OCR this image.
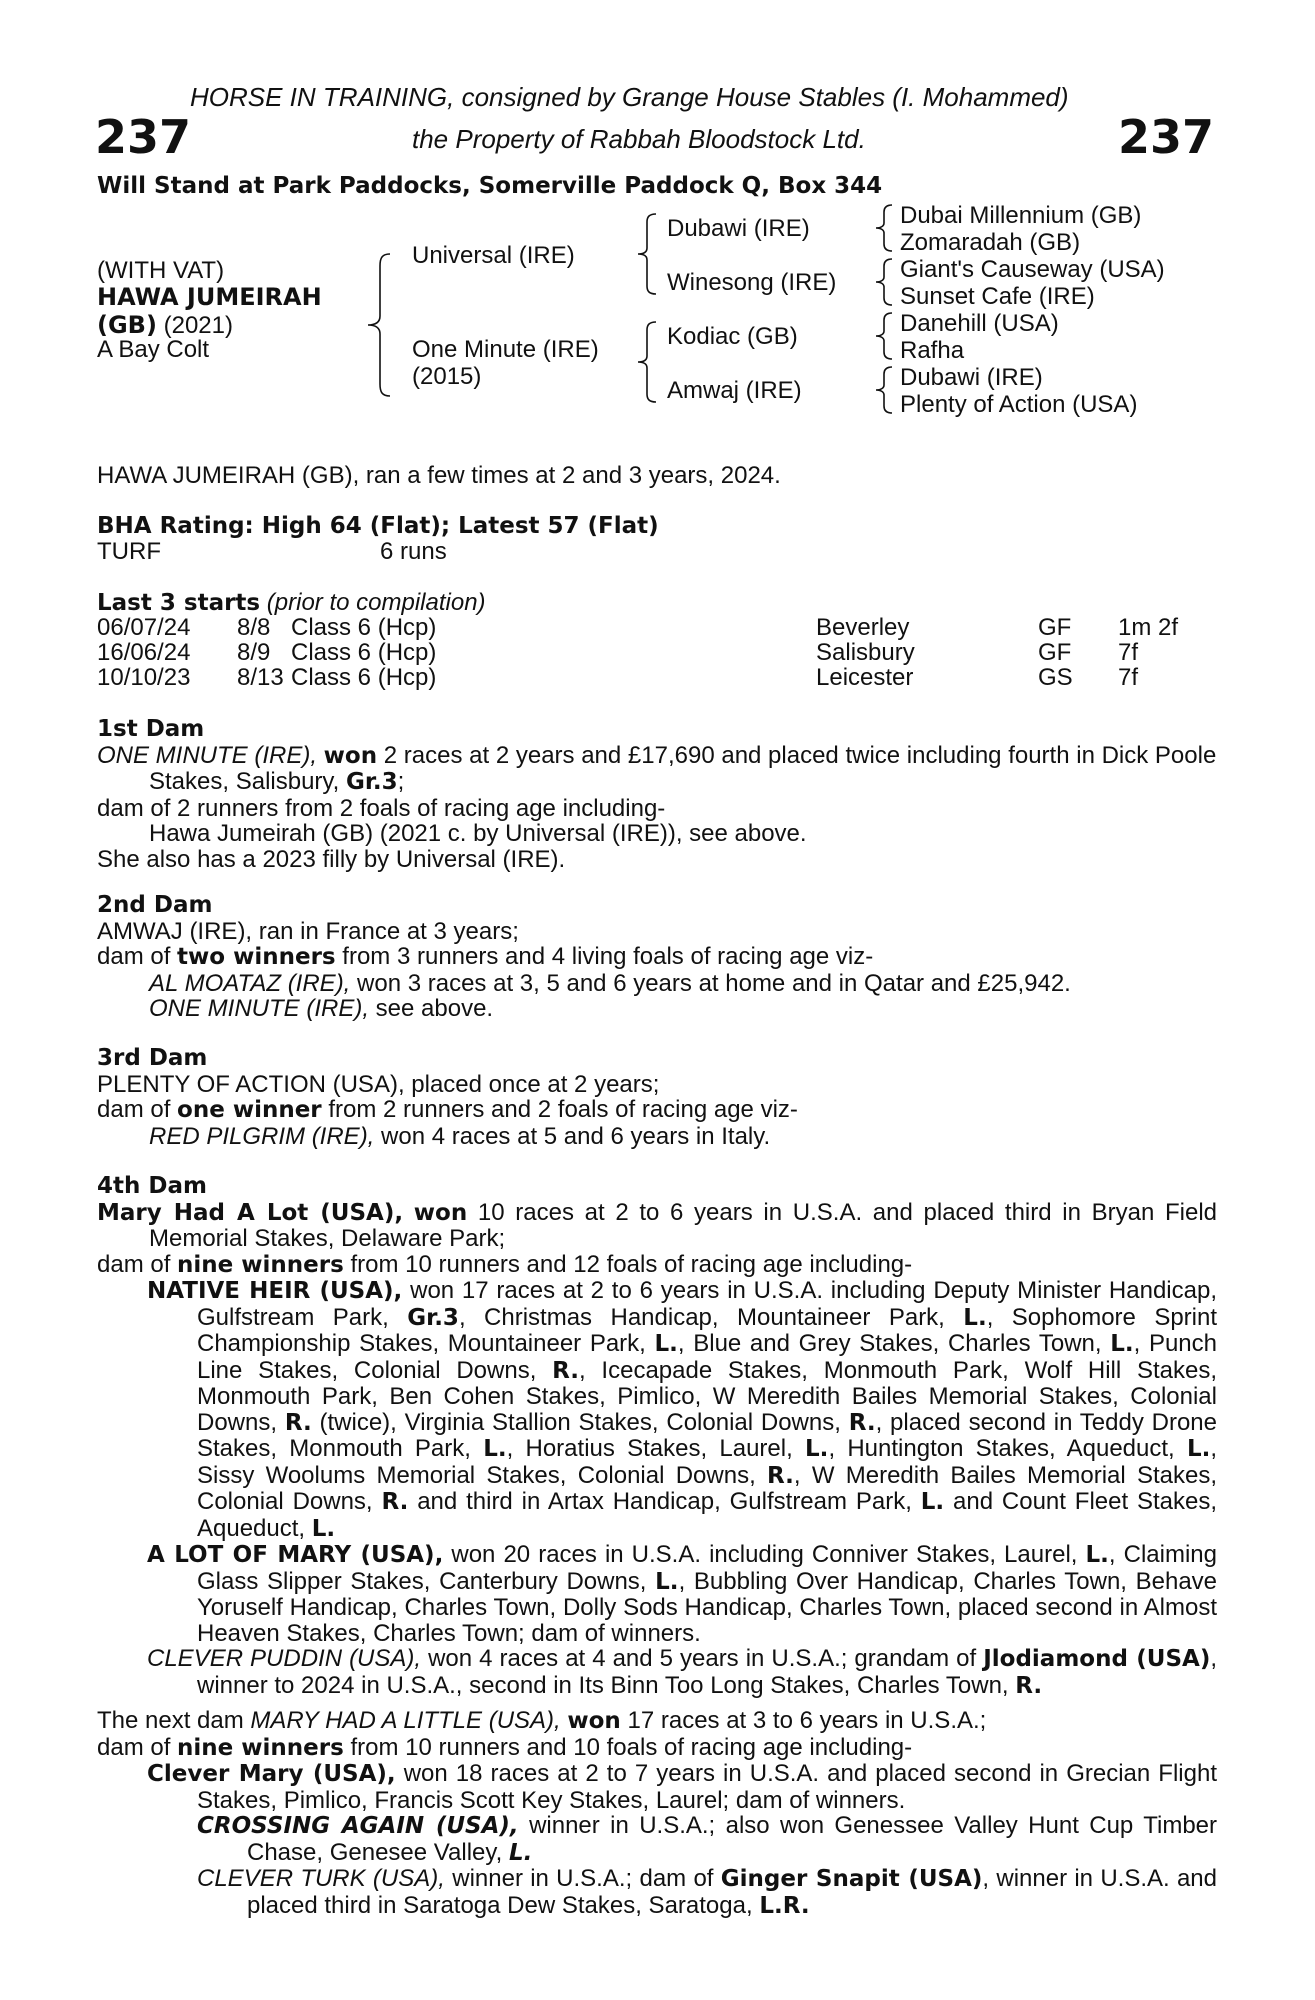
HORSE IN TRAINING, consigned by Grange House Stables (I. Mohammed)
237	the Property of Rabbah Bloodstock Ltd.	237
Will Stand at Park Paddocks, Somerville Paddock Q, Box 344
(WITH VAT)
HAWA JUMEIRAH
(GB) (2021)
A Bay Colt
Universal (IRE)
One Minute (IRE)
(2015)
Dubawi (IRE)
Winesong (IRE)
Kodiac (GB)
Amwaj (IRE)
Dubai Millennium (GB)
Zomaradah (GB)
Giant's Causeway (USA)
Sunset Cafe (IRE)
Danehill (USA)
Rafha
Dubawi (IRE)
Plenty of Action (USA)
HAWA JUMEIRAH (GB), ran a few times at 2 and 3 years, 2024.
BHA Rating: High 64 (Flat); Latest 57 (Flat)
TURF	6 runs
Last 3 starts (prior to compilation)
06/07/24	8/8	Class 6 (Hcp)	Beverley	GF	1m 2f
16/06/24	8/9	Class 6 (Hcp)	Salisbury	GF	7f
10/10/23	8/13	Class 6 (Hcp)	Leicester	GS	7f

1st Dam

ONE MINUTE (IRE), won 2 races at 2 years and £17,690 and placed twice including fourth in Dick Poole Stakes, Salisbury, Gr.3;

dam of 2 runners from 2 foals of racing age including-

Hawa Jumeirah (GB) (2021 c. by Universal (IRE)), see above.

She also has a 2023 filly by Universal (IRE).

2nd Dam

AMWAJ (IRE), ran in France at 3 years;

dam of two winners from 3 runners and 4 living foals of racing age viz-

AL MOATAZ (IRE), won 3 races at 3, 5 and 6 years at home and in Qatar and £25,942.

ONE MINUTE (IRE), see above.

3rd Dam

PLENTY OF ACTION (USA), placed once at 2 years;

dam of one winner from 2 runners and 2 foals of racing age viz-

RED PILGRIM (IRE), won 4 races at 5 and 6 years in Italy.

4th Dam

Mary Had A Lot (USA), won 10 races at 2 to 6 years in U.S.A. and placed third in Bryan Field Memorial Stakes, Delaware Park;

dam of nine winners from 10 runners and 12 foals of racing age including-

NATIVE HEIR (USA), won 17 races at 2 to 6 years in U.S.A. including Deputy Minister Handicap, Gulfstream Park, Gr.3, Christmas Handicap, Mountaineer Park, L., Sophomore Sprint Championship Stakes, Mountaineer Park, L., Blue and Grey Stakes, Charles Town, L., Punch Line Stakes, Colonial Downs, R., Icecapade Stakes, Monmouth Park, Wolf Hill Stakes, Monmouth Park, Ben Cohen Stakes, Pimlico, W Meredith Bailes Memorial Stakes, Colonial Downs, R. (twice), Virginia Stallion Stakes, Colonial Downs, R., placed second in Teddy Drone Stakes, Monmouth Park, L., Horatius Stakes, Laurel, L., Huntington Stakes, Aqueduct, L., Sissy Woolums Memorial Stakes, Colonial Downs, R., W Meredith Bailes Memorial Stakes, Colonial Downs, R. and third in Artax Handicap, Gulfstream Park, L. and Count Fleet Stakes, Aqueduct, L.

A LOT OF MARY (USA), won 20 races in U.S.A. including Conniver Stakes, Laurel, L., Claiming Glass Slipper Stakes, Canterbury Downs, L., Bubbling Over Handicap, Charles Town, Behave Yoruself Handicap, Charles Town, Dolly Sods Handicap, Charles Town, placed second in Almost Heaven Stakes, Charles Town; dam of winners.

CLEVER PUDDIN (USA), won 4 races at 4 and 5 years in U.S.A.; grandam of Jlodiamond (USA), winner to 2024 in U.S.A., second in Its Binn Too Long Stakes, Charles Town, R.

The next dam MARY HAD A LITTLE (USA), won 17 races at 3 to 6 years in U.S.A.;

dam of nine winners from 10 runners and 10 foals of racing age including-

Clever Mary (USA), won 18 races at 2 to 7 years in U.S.A. and placed second in Grecian Flight Stakes, Pimlico, Francis Scott Key Stakes, Laurel; dam of winners.

CROSSING AGAIN (USA), winner in U.S.A.; also won Genessee Valley Hunt Cup Timber Chase, Genesee Valley, L.

CLEVER TURK (USA), winner in U.S.A.; dam of Ginger Snapit (USA), winner in U.S.A. and placed third in Saratoga Dew Stakes, Saratoga, L.R.
